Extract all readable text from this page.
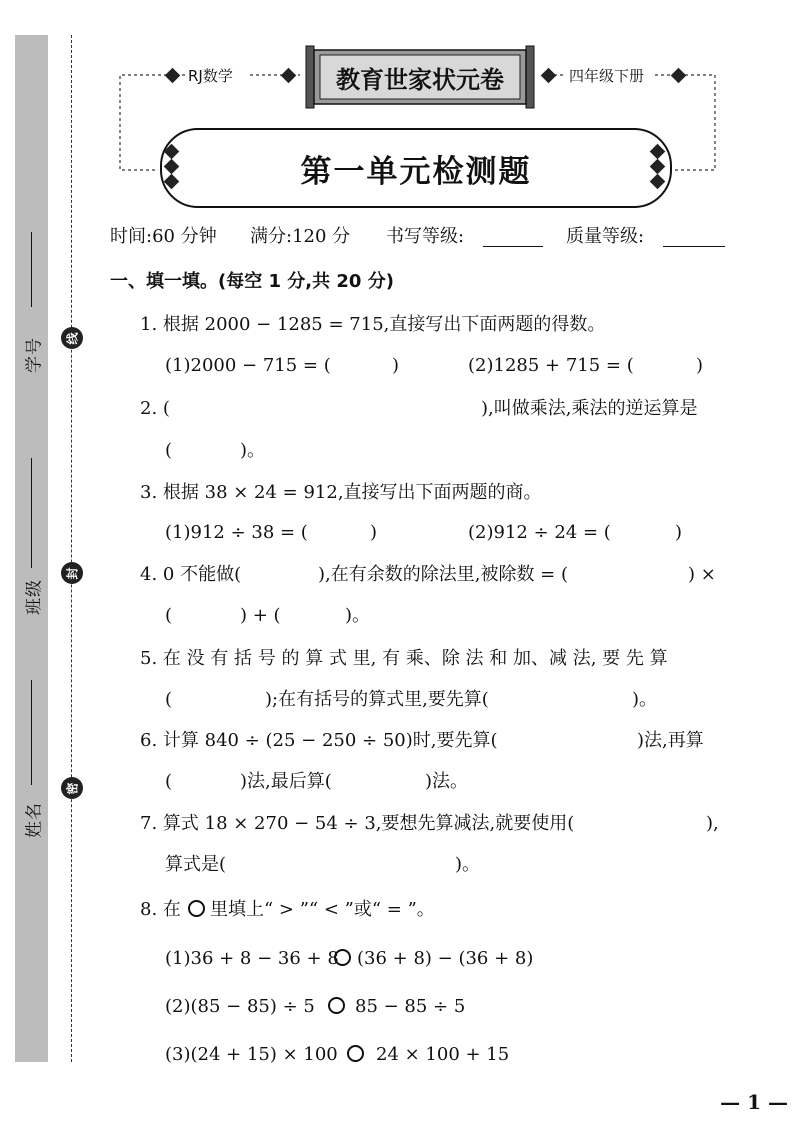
学号
班级
姓名
线
封
密
RJ数学	四年级下册
教育世家状元卷
第一单元检测题
时间:60 分钟 满分:120 分 书写等级:	质量等级:
一、填一填。(每空 1 分,共 20 分)
1. 根据 2000 − 1285 = 715,直接写出下面两题的得数。
(1)2000 − 715 = (	)	(2)1285 + 715 = (	)
2. (	),叫做乘法,乘法的逆运算是
(	)。
3. 根据 38 × 24 = 912,直接写出下面两题的商。
(1)912 ÷ 38 = (	)	(2)912 ÷ 24 = (	)
4. 0 不能做(	),在有余数的除法里,被除数 = (	) ×
(	) + (	)。
5. 在 没 有 括 号 的 算 式 里, 有 乘、除 法 和 加、减 法, 要 先 算
(	);在有括号的算式里,要先算(	)。
6. 计算 840 ÷ (25 − 250 ÷ 50)时,要先算(	)法,再算
(	)法,最后算(	)法。
7. 算式 18 × 270 − 54 ÷ 3,要想先算减法,就要使用(	),
算式是(	)。
8. 在 里填上“ > ”“ < ”或“ = ”。
(1)36 + 8 − 36 + 8 (36 + 8) − (36 + 8)
(2)(85 − 85) ÷ 5 85 − 85 ÷ 5
(3)(24 + 15) × 100 24 × 100 + 15
— 1 —
